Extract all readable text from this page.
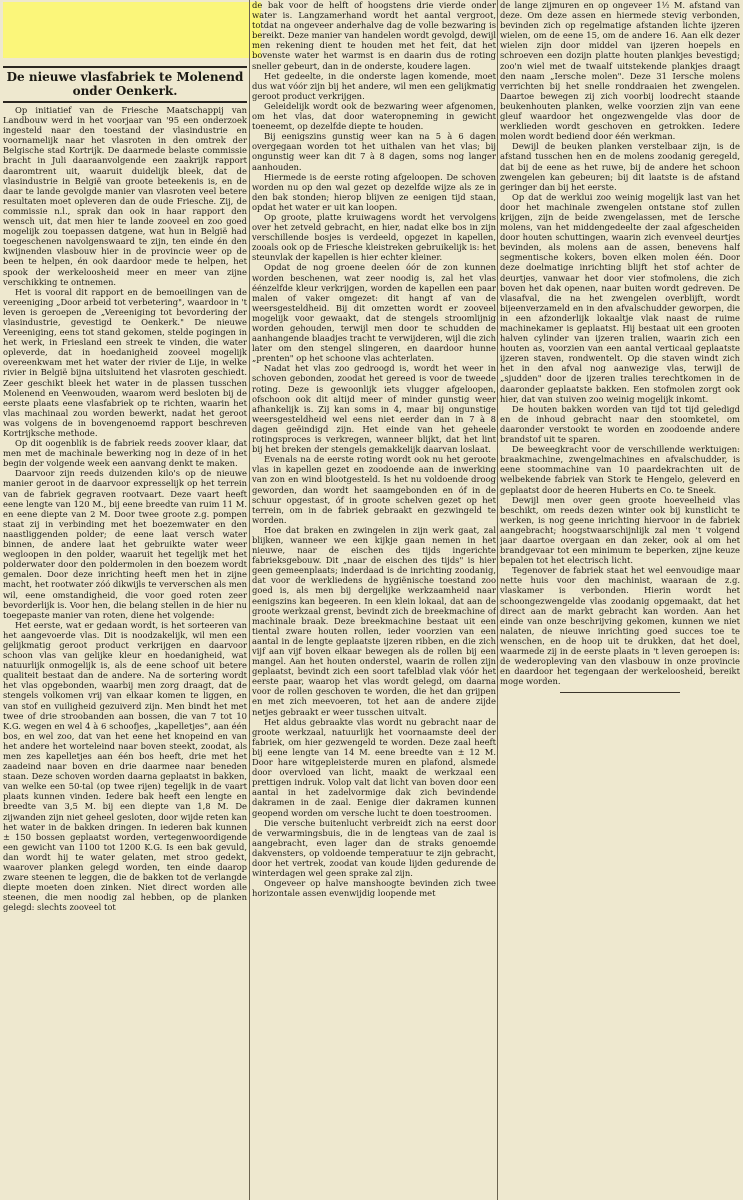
De nieuwe vlasfabriek te Molenend onder Oenkerk.

Op initiatief van de Friesche Maatschappij van Landbouw werd in het voorjaar van '95 een onderzoek ingesteld naar den toestand der vlasindustrie en voornamelijk naar het vlasroten in den omtrek der Belgische stad Kortrijk. De daarmede belaste commissie bracht in Juli daaraanvolgende een zaakrijk rapport daaromtrent uit, waaruit duidelijk bleek, dat de vlasindustrie in België van groote beteekenis is, en de daar te lande gevolgde manier van vlasroten veel betere resultaten moet opleveren dan de oude Friesche. Zij, de commissie n.l., sprak dan ook in haar rapport den wensch uit, dat men hier te lande zooveel en zoo goed mogelijk zou toepassen datgene, wat hun in België had toegeschenen navolgenswaard te zijn, ten einde én den kwijnenden vlasbouw hier in de provincie weer op de been te helpen, én ook daardoor mede te helpen, het spook der werkeloosheid meer en meer van zijne verschikking te ontnemen.

Het is vooral dit rapport en de bemoeilingen van de vereeniging „Door arbeid tot verbetering", waardoor in 't leven is geroepen de „Vereeniging tot bevordering der vlasindustrie, gevestigd te Oenkerk." De nieuwe Vereeniging, eens tot stand gekomen, stelde pogingen in het werk, in Friesland een streek te vinden, die water opleverde, dat in hoedanigheid zooveel mogelijk overeenkwam met het water der rivier de Lije, in welke rivier in België bijna uitsluitend het vlasroten geschiedt. Zeer geschikt bleek het water in de plassen tusschen Molenend en Veenwouden, waarom werd besloten bij de eerste plaats eene vlasfabriek op te richten, waarin het vlas machinaal zou worden bewerkt, nadat het geroot was volgens de in bovengenoemd rapport beschreven Kortrijksche methode.

Op dit oogenblik is de fabriek reeds zoover klaar, dat men met de machinale bewerking nog in deze of in het begin der volgende week een aanvang denkt te maken.

Daarvoor zijn reeds duizenden kilo's op de nieuwe manier geroot in de daarvoor expresselijk op het terrein van de fabriek gegraven rootvaart. Deze vaart heeft eene lengte van 120 M., bij eene breedte van ruim 11 M. en eene diepte van 2 M. Door twee groote z.g. pompen staat zij in verbinding met het boezemwater en den naastliggenden polder; de eene laat versch water binnen, de andere laat het gebruikte water weer wegloopen in den polder, waaruit het tegelijk met het polderwater door den poldermolen in den boezem wordt gemalen. Door deze inrichting heeft men het in zijne macht, het rootwater zóó dikwijls te ververschen als men wil, eene omstandigheid, die voor goed roten zeer bevorderlijk is. Voor hen, die belang stellen in de hier nu toegepaste manier van roten, diene het volgende:

Het eerste, wat er gedaan wordt, is het sorteeren van het aangevoerde vlas. Dit is noodzakelijk, wil men een gelijkmatig geroot product verkrijgen en daarvoor schoon vlas van gelijke kleur en hoedanigheid, wat natuurlijk onmogelijk is, als de eene schoof uit betere qualiteit bestaat dan de andere. Na de sortering wordt het vlas opgebonden, waarbij men zorg draagt, dat de stengels volkomen vrij van elkaar komen te liggen, en van stof en vuiligheid gezuiverd zijn. Men bindt het met twee of drie stroobanden aan bossen, die van 7 tot 10 K.G. wegen en wel 4 à 6 schoofjes, „kapelletjes", aan één bos, en wel zoo, dat van het eene het knopeind en van het andere het worteleind naar boven steekt, zoodat, als men zes kapelletjes aan één bos heeft, drie met het zaadeind naar boven en drie daarmee naar beneden staan. Deze schoven worden daarna geplaatst in bakken, van welke een 50-tal (op twee rijen) tegelijk in de vaart plaats kunnen vinden. Iedere bak heeft een lengte en breedte van 3,5 M. bij een diepte van 1,8 M. De zijwanden zijn niet geheel gesloten, door wijde reten kan het water in de bakken dringen. In iederen bak kunnen ± 150 bossen geplaatst worden, vertegenwoordigende een gewicht van 1100 tot 1200 K.G. Is een bak gevuld, dan wordt hij te water gelaten, met stroo gedekt, waarover planken gelegd worden, ten einde daarop zware steenen te leggen, die de bakken tot de verlangde diepte moeten doen zinken. Niet direct worden alle steenen, die men noodig zal hebben, op de planken gelegd: slechts zooveel tot

de bak voor de helft of hoogstens drie vierde onder water is. Langzamerhand wordt het aantal vergroot, totdat na ongeveer anderhalve dag de volle bezwaring is bereikt. Deze manier van handelen wordt gevolgd, dewijl men rekening dient te houden met het feit, dat het bovenste water het warmst is en daarin dus de roting sneller gebeurt, dan in de onderste, koudere lagen.

Het gedeelte, in die onderste lagen komende, moet dus wat vóór zijn bij het andere, wil men een gelijkmatig geroot product verkrijgen.

Geleidelijk wordt ook de bezwaring weer afgenomen, om het vlas, dat door wateropneming in gewicht toeneemt, op dezelfde diepte te houden.

Bij eenigszins gunstig weer kan na 5 à 6 dagen overgegaan worden tot het uithalen van het vlas; bij ongunstig weer kan dit 7 à 8 dagen, soms nog langer aanhouden.

Hiermede is de eerste roting afgeloopen. De schoven worden nu op den wal gezet op dezelfde wijze als ze in den bak stonden; hierop blijven ze eenigen tijd staan, opdat het water er uit kan loopen.

Op groote, platte kruiwagens wordt het vervolgens over het zetveld gebracht, en hier, nadat elke bos in zijn verschillende bosjes is verdeeld, opgezet in kapellen, zooals ook op de Friesche kleistreken gebruikelijk is: het steunvlak der kapellen is hier echter kleiner.

Opdat de nog groene deelen óór de zon kunnen worden beschenen, wat zeer noodig is, zal het vlas éénzelfde kleur verkrijgen, worden de kapellen een paar malen of vaker omgezet: dit hangt af van de weersgesteldheid. Bij dit omzetten wordt er zooveel mogelijk voor gewaakt, dat de stengels stroomlijnig worden gehouden, terwijl men door te schudden de aanhangende blaadjes tracht te verwijderen, wijl die zich later om den stengel slingeren, en daardoor hunne „prenten" op het schoone vlas achterlaten.

Nadat het vlas zoo gedroogd is, wordt het weer in schoven gebonden, zoodat het gereed is voor de tweede roting. Deze is gewoonlijk iets vlugger afgeloopen, ofschoon ook dit altijd meer of minder gunstig weer afhankelijk is. Zij kan soms in 4, maar bij ongunstige weersgesteldheid wel eens niet eerder dan in 7 à 8 dagen geëindigd zijn. Het einde van het geheele rotingsproces is verkregen, wanneer blijkt, dat het lint bij het breken der stengels gemakkelijk daarvan loslaat.

Evenals na de eerste roting wordt ook nu het geroote vlas in kapellen gezet en zoodoende aan de inwerking van zon en wind blootgesteld. Is het nu voldoende droog geworden, dan wordt het saamgebonden en óf in de schuur opgestast, óf in groote schelven gezet op het terrein, om in de fabriek gebraakt en gezwingeld te worden.

Hoe dat braken en zwingelen in zijn werk gaat, zal blijken, wanneer we een kijkje gaan nemen in het nieuwe, naar de eischen des tijds ingerichte fabrieksgebouw. Dit „naar de eischen des tijds" is hier geen gemeenplaats; inderdaad is de inrichting zoodanig, dat voor de werkliedens de hygiënische toestand zoo goed is, als men bij dergelijke werkzaamheid naar eenigszins kan begeeren. In een klein lokaal, dat aan de groote werkzaal grenst, bevindt zich de breekmachine of machinale braak. Deze breekmachine bestaat uit een tiental zware houten rollen, ieder voorzien van een aantal in de lengte geplaatste ijzeren ribben, en die zich vijf aan vijf boven elkaar bewegen als de rollen bij een mangel. Aan het houten onderstel, waarin de rollen zijn geplaatst, bevindt zich een soort tafelblad vlak vóór het eerste paar, waarop het vlas wordt gelegd, om daarna voor de rollen geschoven te worden, die het dan grijpen en met zich meevoeren, tot het aan de andere zijde netjes gebraakt er weer tusschen uitvalt.

Het aldus gebraakte vlas wordt nu gebracht naar de groote werkzaal, natuurlijk het voornaamste deel der fabriek, om hier gezwengeld te worden. Deze zaal heeft bij eene lengte van 14 M. eene breedte van ± 12 M. Door hare witgepleisterde muren en plafond, alsmede door overvloed van licht, maakt de werkzaal een prettigen indruk. Volop valt dat licht van boven door een aantal in het zadelvormige dak zich bevindende dakramen in de zaal. Eenige dier dakramen kunnen geopend worden om versche lucht te doen toestroomen.

Die versche buitenlucht verbreidt zich na eerst door de verwarmingsbuis, die in de lengteas van de zaal is aangebracht, even lager dan de straks genoemde dakvensters, op voldoende temperatuur te zijn gebracht, door het vertrek, zoodat van koude lijden gedurende de winterdagen wel geen sprake zal zijn.

Ongeveer op halve manshoogte bevinden zich twee horizontale assen evenwijdig loopende met

de lange zijmuren en op ongeveer 1½ M. afstand van deze. Om deze assen en hiermede stevig verbonden, bevinden zich op regelmatige afstanden lichte ijzeren wielen, om de eene 15, om de andere 16. Aan elk dezer wielen zijn door middel van ijzeren hoepels en schroeven een dozijn platte houten plankjes bevestigd; zoo'n wiel met de twaalf uitstekende plankjes draagt den naam „Iersche molen". Deze 31 Iersche molens verrichten bij het snelle ronddraaien het zwengelen. Daartoe bewegen zij zich voorbij loodrecht staande beukenhouten planken, welke voorzien zijn van eene gleuf waardoor het ongezwengelde vlas door de werklieden wordt geschoven en getrokken. Iedere molen wordt bediend door één werkman.

Dewijl de beuken planken verstelbaar zijn, is de afstand tusschen hen en de molens zoodanig geregeld, dat bij de eene as het ruwe, bij de andere het schoon zwengelen kan gebeuren; bij dit laatste is de afstand geringer dan bij het eerste.

Op dat de werklui zoo weinig mogelijk last van het door het machinale zwengelen ontstane stof zullen krijgen, zijn de beide zwengelassen, met de Iersche molens, van het middengedeelte der zaal afgescheiden door houten schuttingen, waarin zich evenveel deurtjes bevinden, als molens aan de assen, benevens half segmentische kokers, boven elken molen één. Door deze doelmatige inrichting blijft het stof achter de deurtjes, vanwaar het door vier stofmolens, die zich boven het dak openen, naar buiten wordt gedreven. De vlasafval, die na het zwengelen overblijft, wordt bijeenverzameld en in den afvalschudder geworpen, die in een afzonderlijk lokaaltje vlak naast de ruime machinekamer is geplaatst. Hij bestaat uit een grooten halven cylinder van ijzeren tralien, waarin zich een houten as, voorzien van een aantal verticaal geplaatste ijzeren staven, rondwentelt. Op die staven windt zich het in den afval nog aanwezige vlas, terwijl de „sjudden" door de ijzeren tralies terechtkomen in de daaronder geplaatste bakken. Een stofmolen zorgt ook hier, dat van stuiven zoo weinig mogelijk inkomt.

De houten bakken worden van tijd tot tijd geledigd en de inhoud gebracht naar den stoomketel, om daaronder verstookt te worden en zoodoende andere brandstof uit te sparen.

De beweegkracht voor de verschillende werktuigen: braakmachine, zwengelmachines en afvalschudder, is eene stoommachine van 10 paardekrachten uit de welbekende fabriek van Stork te Hengelo, geleverd en geplaatst door de heeren Huberts en Co. te Sneek.

Dewijl men over geen groote hoeveelheid vlas beschikt, om reeds dezen winter ook bij kunstlicht te werken, is nog geene inrichting hiervoor in de fabriek aangebracht; hoogstwaarschijnlijk zal men 't volgend jaar daartoe overgaan en dan zeker, ook al om het brandgevaar tot een minimum te beperken, zijne keuze bepalen tot het electrisch licht.

Tegenover de fabriek staat het wel eenvoudige maar nette huis voor den machinist, waaraan de z.g. vlaskamer is verbonden. Hierin wordt het schoongezwengelde vlas zoodanig opgemaakt, dat het direct aan de markt gebracht kan worden. Aan het einde van onze beschrijving gekomen, kunnen we niet nalaten, de nieuwe inrichting goed succes toe te wenschen, en de hoop uit te drukken, dat het doel, waarmede zij in de eerste plaats in 't leven geroepen is: de wederopleving van den vlasbouw in onze provincie en daardoor het tegengaan der werkeloosheid, bereikt moge worden.
